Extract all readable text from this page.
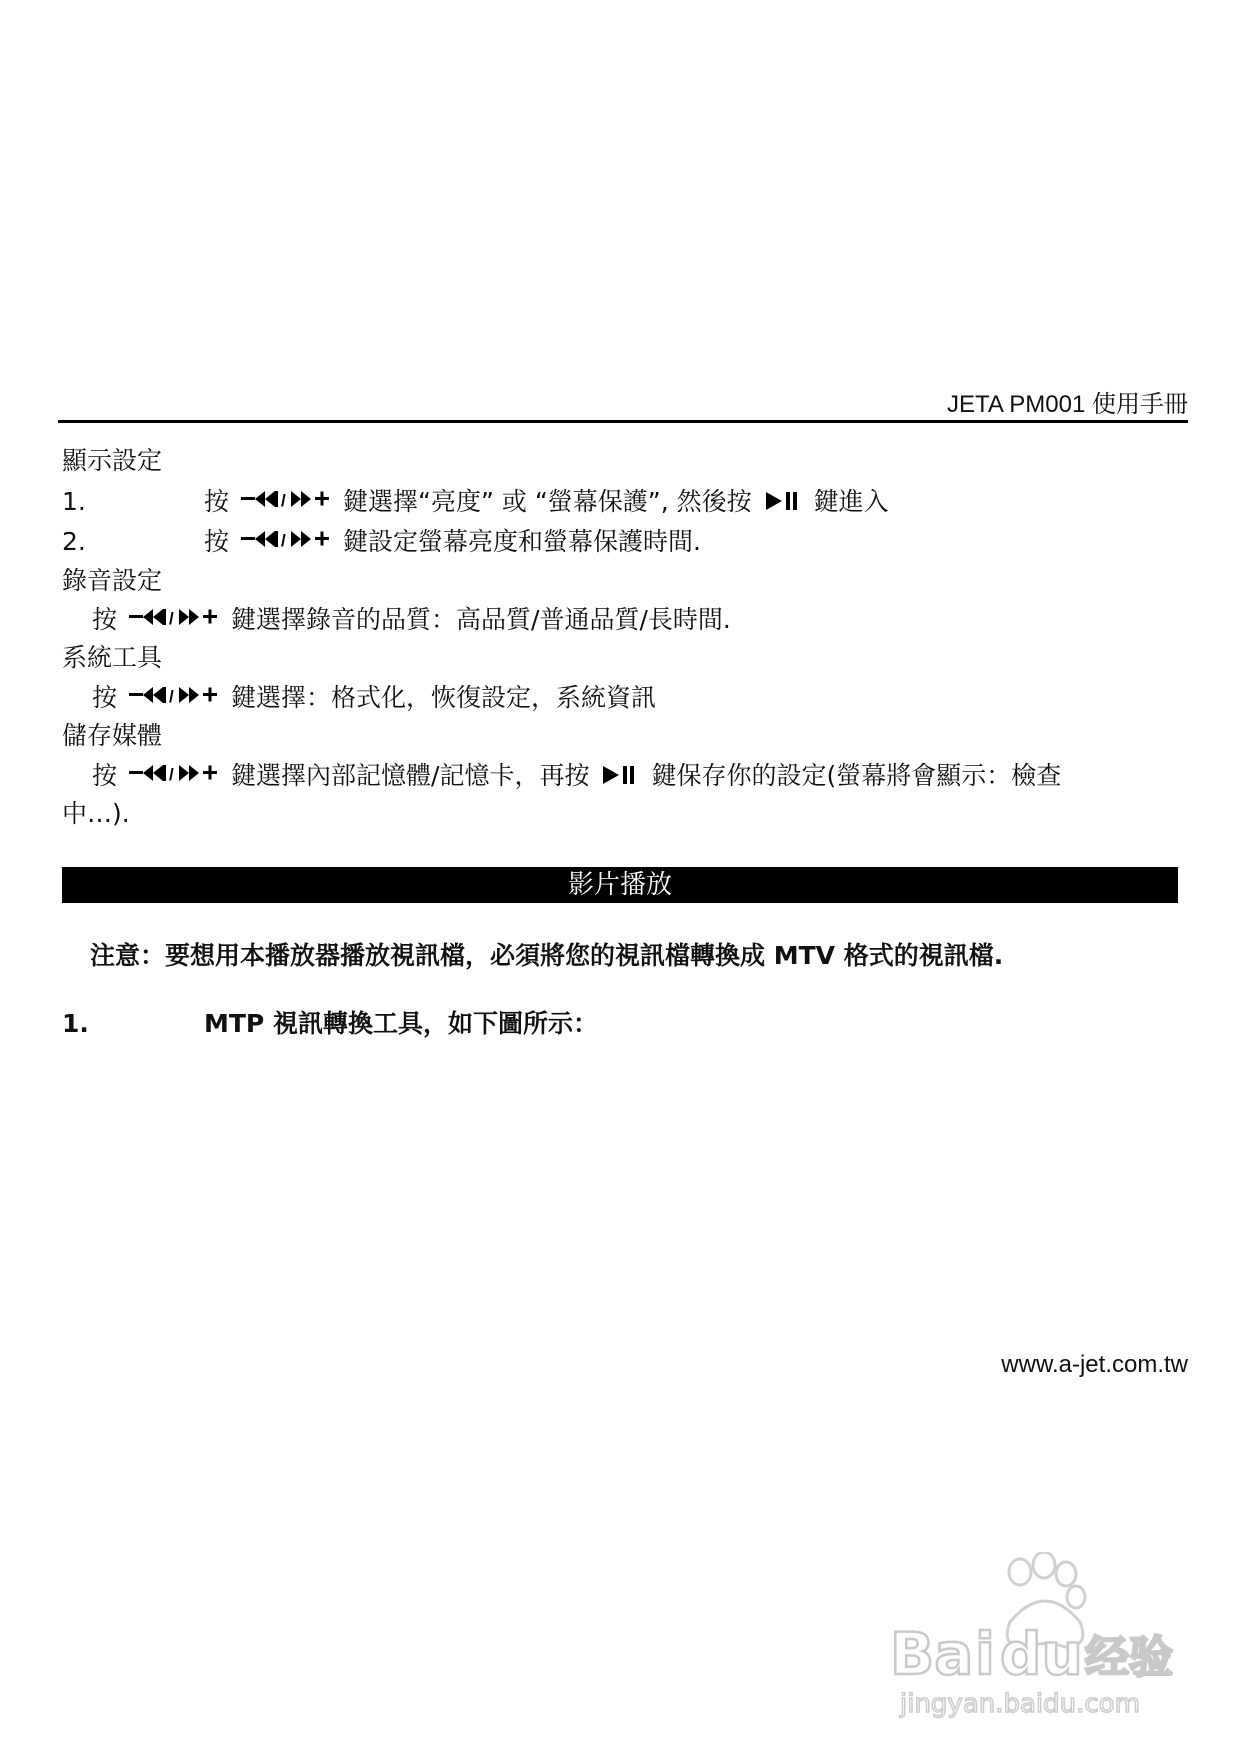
JETA PM001 使用手冊
顯示設定
1.	按	/ 鍵選擇“亮度” 或 “螢幕保護”, 然後按 鍵進入
2.	按	/ 鍵設定螢幕亮度和螢幕保護時間.
錄音設定
按	/ 鍵選擇錄音的品質：高品質/普通品質/長時間.
系統工具
按	/ 鍵選擇：格式化，恢復設定，系統資訊
儲存媒體
按	/ 鍵選擇內部記憶體/記憶卡，再按 鍵保存你的設定(螢幕將會顯示：檢查
中…).
影片播放
注意：要想用本播放器播放視訊檔，必須將您的視訊檔轉換成 MTV 格式的視訊檔.
1.	MTP 視訊轉換工具，如下圖所示：
www.a-jet.com.tw
Ba i du 经验
jingyan.baidu.com
